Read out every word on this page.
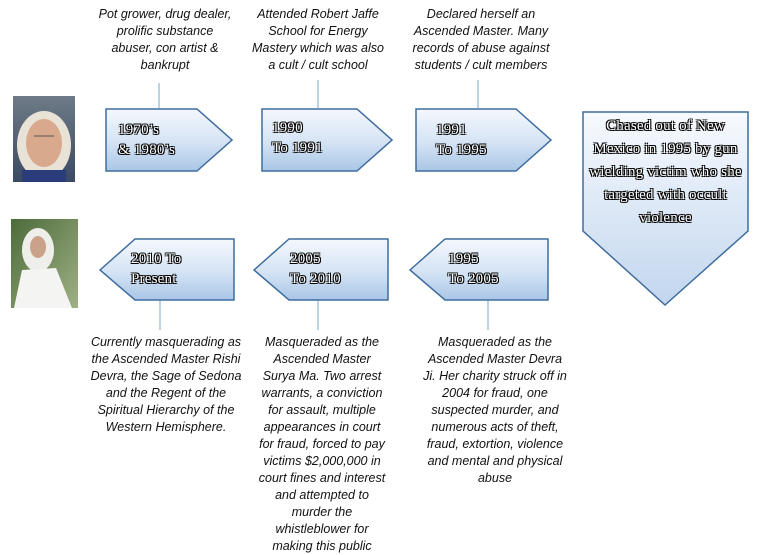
Pot grower, drug dealer, prolific substance abuser, con artist & bankrupt
Attended Robert Jaffe School for Energy Mastery which was also a cult / cult school
Declared herself an Ascended Master. Many records of abuse against students / cult members
1970’s
& 1980’s
1990
To 1991
1991
To 1995
Chased out of New Mexico in 1995 by gun wielding victim who she targeted with occult violence
1995
To 2005
2005
To 2010
2010 To
Present
Masqueraded as the Ascended Master Devra Ji. Her charity struck off in 2004 for fraud, one suspected murder, and numerous acts of theft, fraud, extortion, violence and mental and physical abuse
Masqueraded as the Ascended Master Surya Ma. Two arrest warrants, a conviction for assault, multiple appearances in court for fraud, forced to pay victims $2,000,000 in court fines and interest and attempted to murder the whistleblower for making this public
Currently masquerading as the Ascended Master Rishi Devra, the Sage of Sedona and the Regent of the Spiritual Hierarchy of the Western Hemisphere.
